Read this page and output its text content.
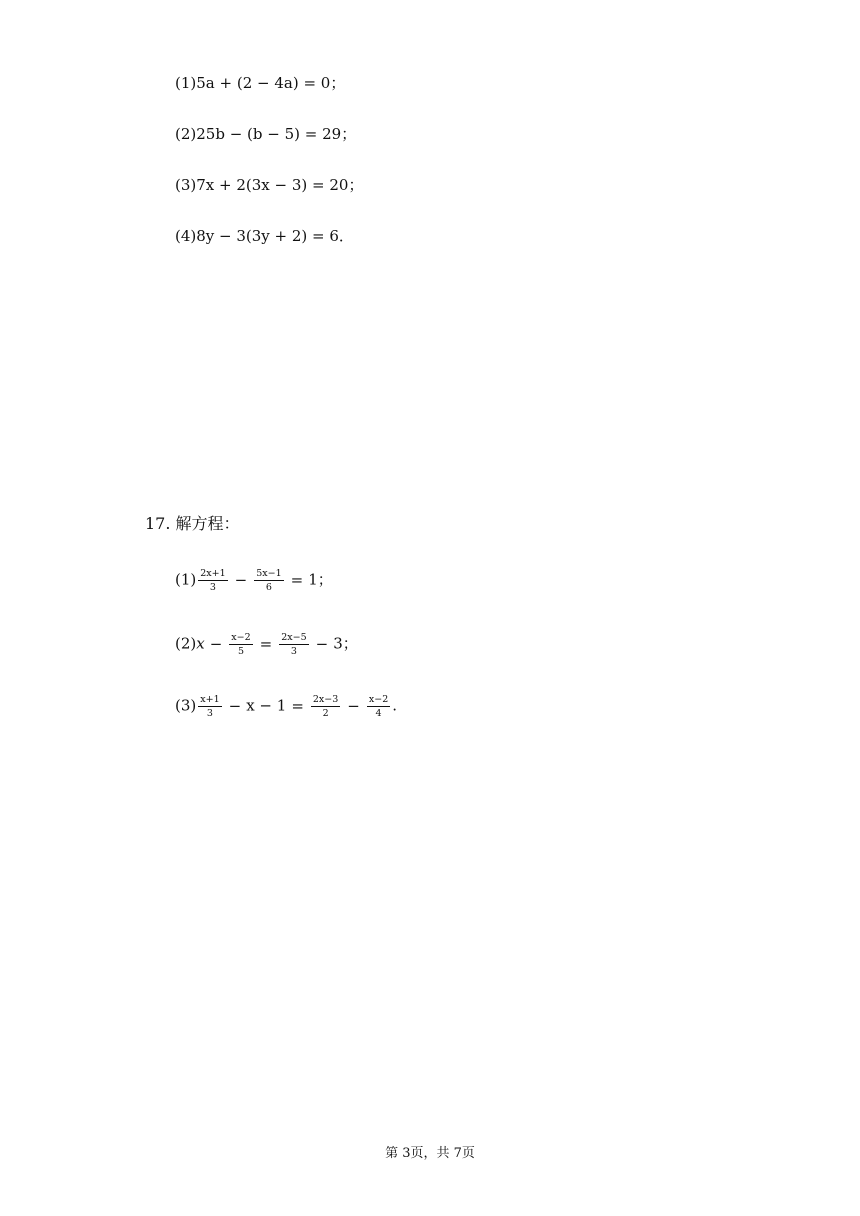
(1)5a + (2 − 4a) = 0；
(2)25b − (b − 5) = 29；
(3)7x + 2(3x − 3) = 20；
(4)8y − 3(3y + 2) = 6．
17. 解方程：
$(1) \frac{2x+1}{3} - \frac{5x-1}{6} = 1$；
$(2)x - \frac{x-2}{5} = \frac{2x-5}{3} - 3$；
$(3) \frac{x+1}{3} - x - 1 = \frac{2x-3}{2} - \frac{x-2}{4}$ .
第 3页，共 7页
